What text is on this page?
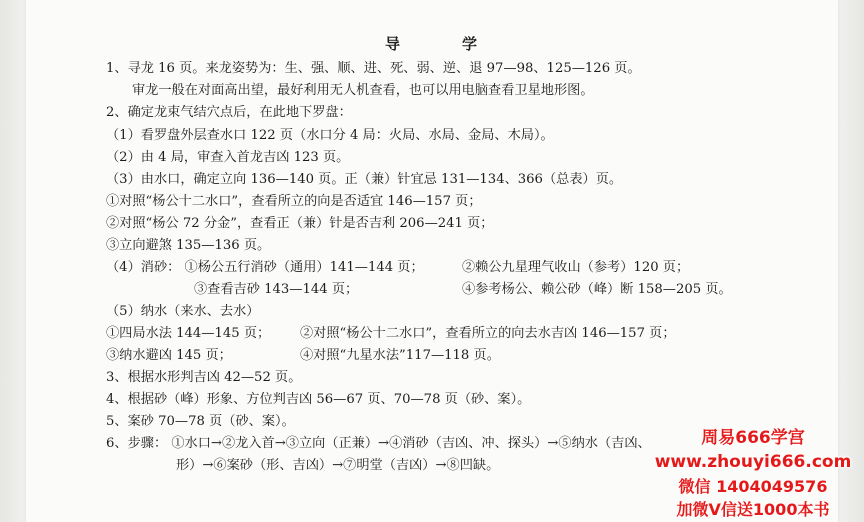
导	学
1、寻龙 16 页。来龙姿势为：生、强、顺、进、死、弱、逆、退 97—98、125—126 页。
审龙一般在对面高出望，最好利用无人机查看，也可以用电脑查看卫星地形图。
2、确定龙束气结穴点后，在此地下罗盘：
（1）看罗盘外层查水口 122 页（水口分 4 局：火局、水局、金局、木局）。
（2）由 4 局，审查入首龙吉凶 123 页。
（3）由水口，确定立向 136—140 页。正（兼）针宜忌 131—134、366（总表）页。
①对照“杨公十二水口”，查看所立的向是否适宜 146—157 页；
②对照“杨公 72 分金”，查看正（兼）针是否吉利 206—241 页；
③立向避煞 135—136 页。
（4）消砂： ①杨公五行消砂（通用）141—144 页；	②赖公九星理气收山（参考）120 页；
③查看吉砂 143—144 页；	④参考杨公、赖公砂（峰）断 158—205 页。
（5）纳水（来水、去水）
①四局水法 144—145 页； ②对照“杨公十二水口”，查看所立的向去水吉凶 146—157 页；
③纳水避凶 145 页；	④对照“九星水法”117—118 页。
3、根据水形判吉凶 42—52 页。
4、根据砂（峰）形象、方位判吉凶 56—67 页、70—78 页（砂、案）。
5、案砂 70—78 页（砂、案）。
6、步骤： ①水口→②龙入首→③立向（正兼）→④消砂（吉凶、冲、探头）→⑤纳水（吉凶、
形）→⑥案砂（形、吉凶）→⑦明堂（吉凶）→⑧凹缺。
周易666学宫
www.zhouyi666.com
微信 1404049576
加微V信送1000本书
